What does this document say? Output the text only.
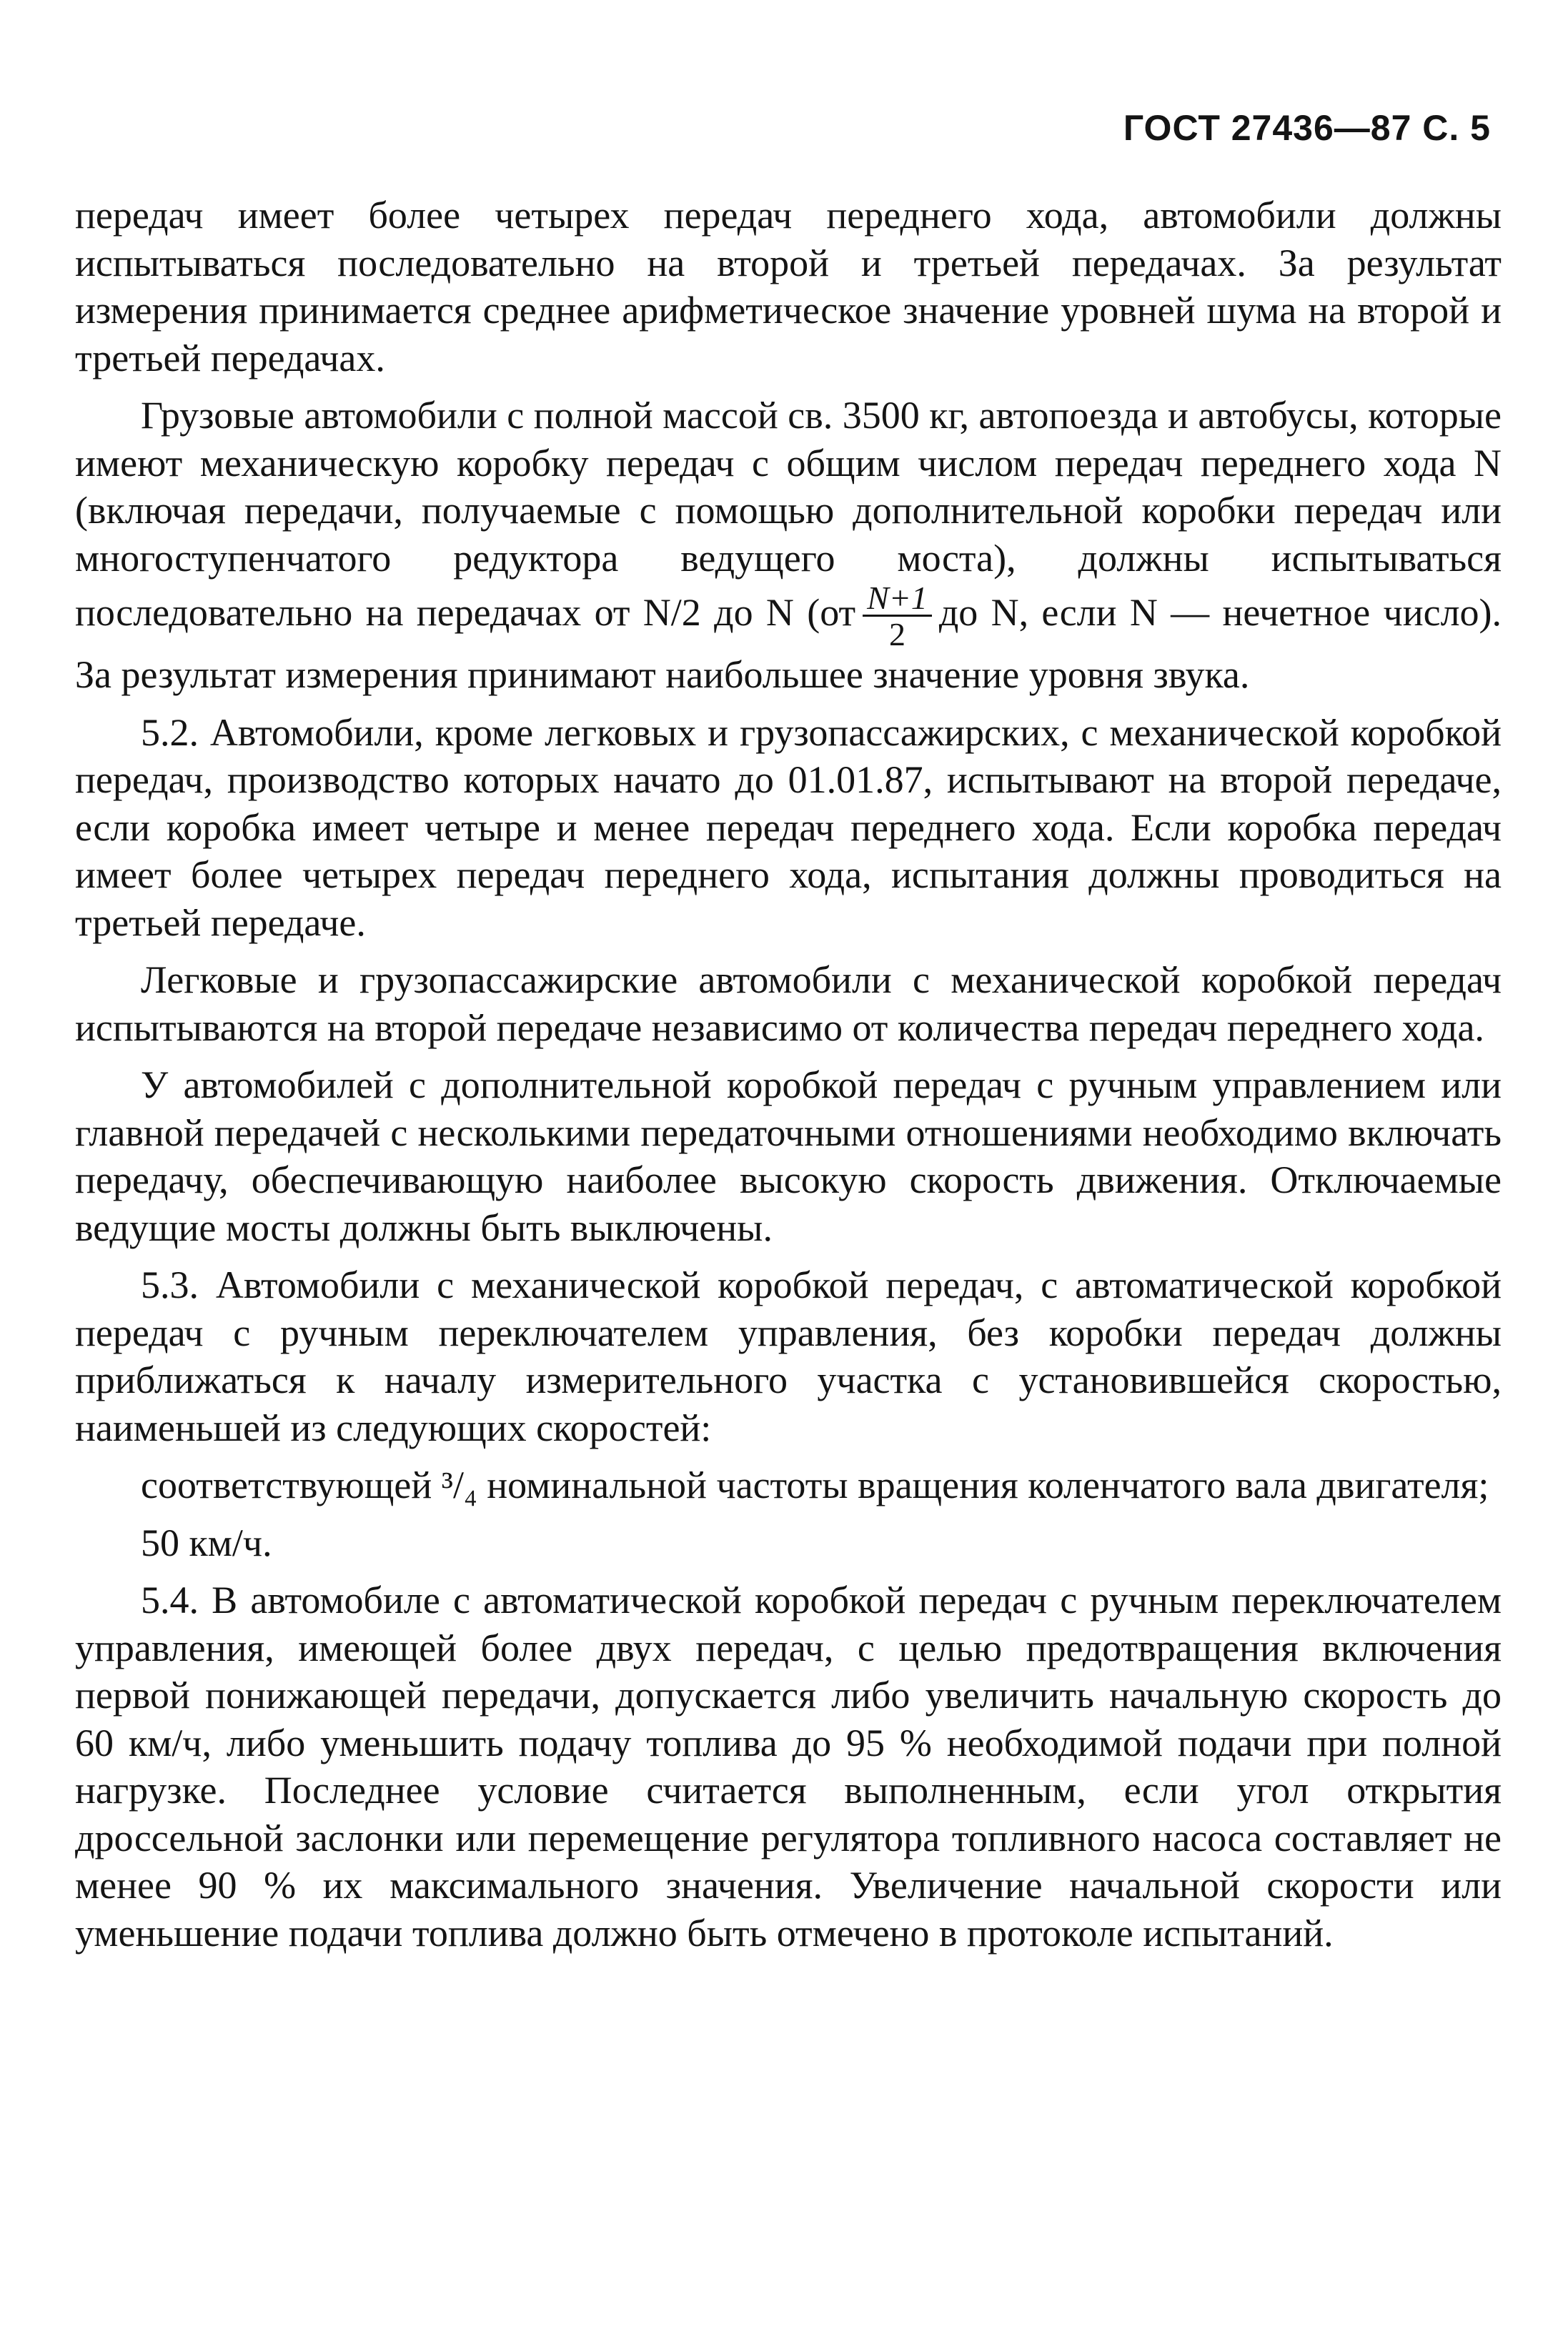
ГОСТ 27436—87 С. 5

передач имеет более четырех передач переднего хода, автомобили должны испытываться последовательно на второй и третьей передачах. За результат измерения принимается среднее арифметическое значение уровней шума на второй и третьей передачах.

Грузовые автомобили с полной массой св. 3500 кг, автопоезда и автобусы, которые имеют механическую коробку передач с общим числом передач переднего хода N (включая передачи, получаемые с помощью дополнительной коробки передач или многоступенчатого редуктора ведущего моста), должны испытываться последовательно на передачах от N/2 до N ($от \frac{N+1}{2}$ до N, если N — нечетное число). За результат измерения принимают наибольшее значение уровня звука.

5.2. Автомобили, кроме легковых и грузопассажирских, с механической коробкой передач, производство которых начато до 01.01.87, испытывают на второй передаче, если коробка имеет четыре и менее передач переднего хода. Если коробка передач имеет более четырех передач переднего хода, испытания должны проводиться на третьей передаче.

Легковые и грузопассажирские автомобили с механической коробкой передач испытываются на второй передаче независимо от количества передач переднего хода.

У автомобилей с дополнительной коробкой передач с ручным управлением или главной передачей с несколькими передаточными отношениями необходимо включать передачу, обеспечивающую наиболее высокую скорость движения. Отключаемые ведущие мосты должны быть выключены.

5.3. Автомобили с механической коробкой передач, с автоматической коробкой передач с ручным переключателем управления, без коробки передач должны приближаться к началу измерительного участка с установившейся скоростью, наименьшей из следующих скоростей:

соответствующей ³/₄ номинальной частоты вращения коленчатого вала двигателя;

50 км/ч.

5.4. В автомобиле с автоматической коробкой передач с ручным переключателем управления, имеющей более двух передач, с целью предотвращения включения первой понижающей передачи, допускается либо увеличить начальную скорость до 60 км/ч, либо уменьшить подачу топлива до 95 % необходимой подачи при полной нагрузке. Последнее условие считается выполненным, если угол открытия дроссельной заслонки или перемещение регулятора топливного насоса составляет не менее 90 % их максимального значения. Увеличение начальной скорости или уменьшение подачи топлива должно быть отмечено в протоколе испытаний.
